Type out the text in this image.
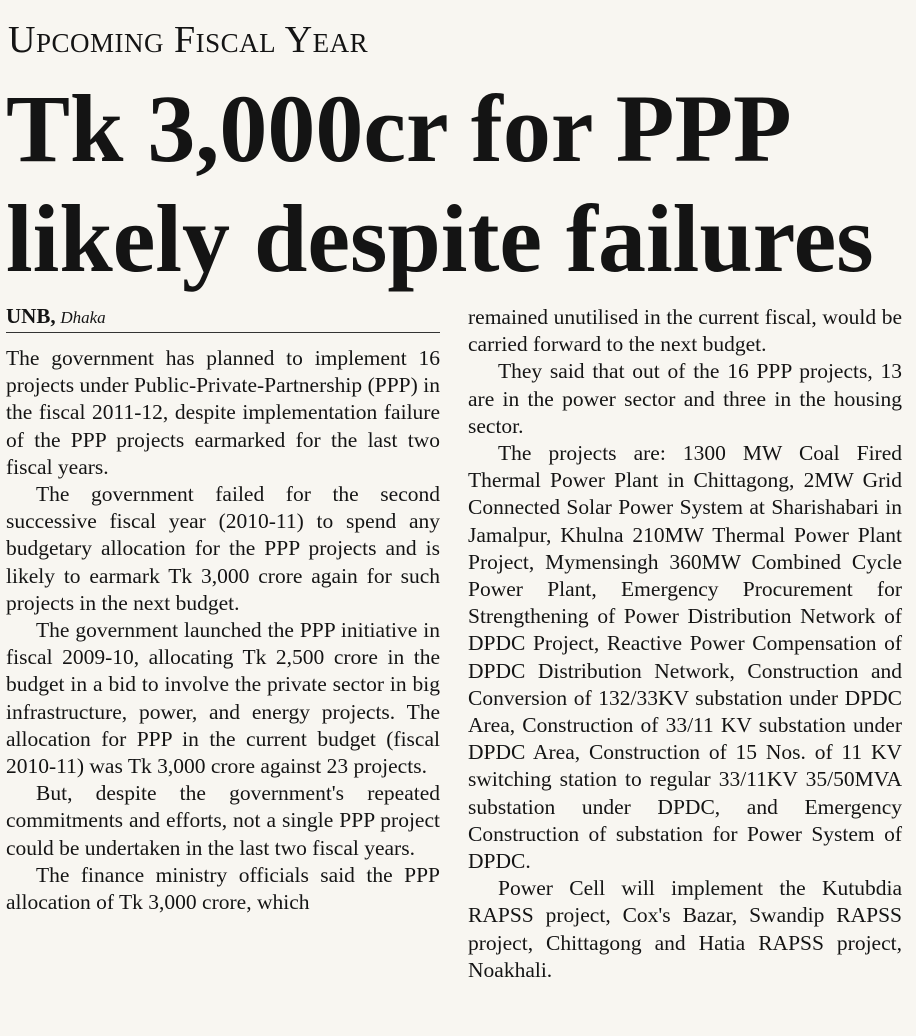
Upcoming Fiscal Year
Tk 3,000cr for PPP
likely despite failures
UNB, Dhaka

The government has planned to implement 16 projects under Public-Private-Partnership (PPP) in the fiscal 2011-12, despite implementation failure of the PPP projects earmarked for the last two fiscal years.

The government failed for the second successive fiscal year (2010-11) to spend any budgetary allocation for the PPP projects and is likely to earmark Tk 3,000 crore again for such projects in the next budget.

The government launched the PPP initiative in fiscal 2009-10, allocating Tk 2,500 crore in the budget in a bid to involve the private sector in big infrastructure, power, and energy projects. The allocation for PPP in the current budget (fiscal 2010-11) was Tk 3,000 crore against 23 projects.

But, despite the government's repeated commitments and efforts, not a single PPP project could be undertaken in the last two fiscal years.

The finance ministry officials said the PPP allocation of Tk 3,000 crore, which

remained unutilised in the current fiscal, would be carried forward to the next budget.

They said that out of the 16 PPP projects, 13 are in the power sector and three in the housing sector.

The projects are: 1300 MW Coal Fired Thermal Power Plant in Chittagong, 2MW Grid Connected Solar Power System at Sharishabari in Jamalpur, Khulna 210MW Thermal Power Plant Project, Mymensingh 360MW Combined Cycle Power Plant, Emergency Procurement for Strengthening of Power Distribution Network of DPDC Project, Reactive Power Compensation of DPDC Distribution Network, Construction and Conversion of 132/33KV substation under DPDC Area, Construction of 33/11 KV substation under DPDC Area, Construction of 15 Nos. of 11 KV switching station to regular 33/11KV 35/50MVA substation under DPDC, and Emergency Construction of substation for Power System of DPDC.

Power Cell will implement the Kutubdia RAPSS project, Cox's Bazar, Swandip RAPSS project, Chittagong and Hatia RAPSS project, Noakhali.
